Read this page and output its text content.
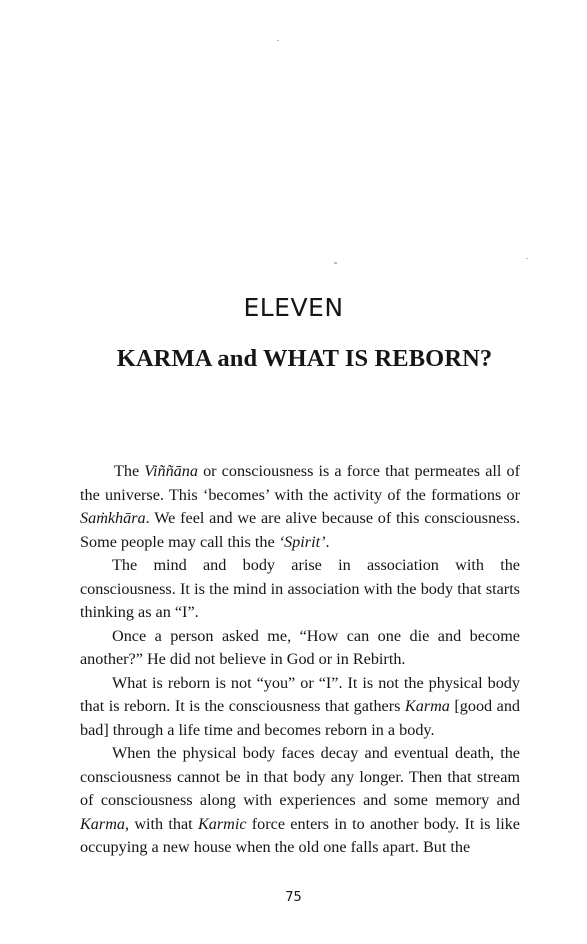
ELEVEN
KARMA and WHAT IS REBORN?

The Viññāna or consciousness is a force that permeates all of the universe. This ‘becomes’ with the activity of the formations or Saṁkhāra. We feel and we are alive because of this consciousness. Some people may call this the ‘Spirit’.

The mind and body arise in association with the consciousness. It is the mind in association with the body that starts thinking as an “I”.

Once a person asked me, “How can one die and become another?” He did not believe in God or in Rebirth.

What is reborn is not “you” or “I”. It is not the physical body that is reborn. It is the consciousness that gathers Karma [good and bad] through a life time and becomes reborn in a body.

When the physical body faces decay and eventual death, the consciousness cannot be in that body any longer. Then that stream of consciousness along with experiences and some memory and Karma, with that Karmic force enters in to another body. It is like occupying a new house when the old one falls apart. But the

75
